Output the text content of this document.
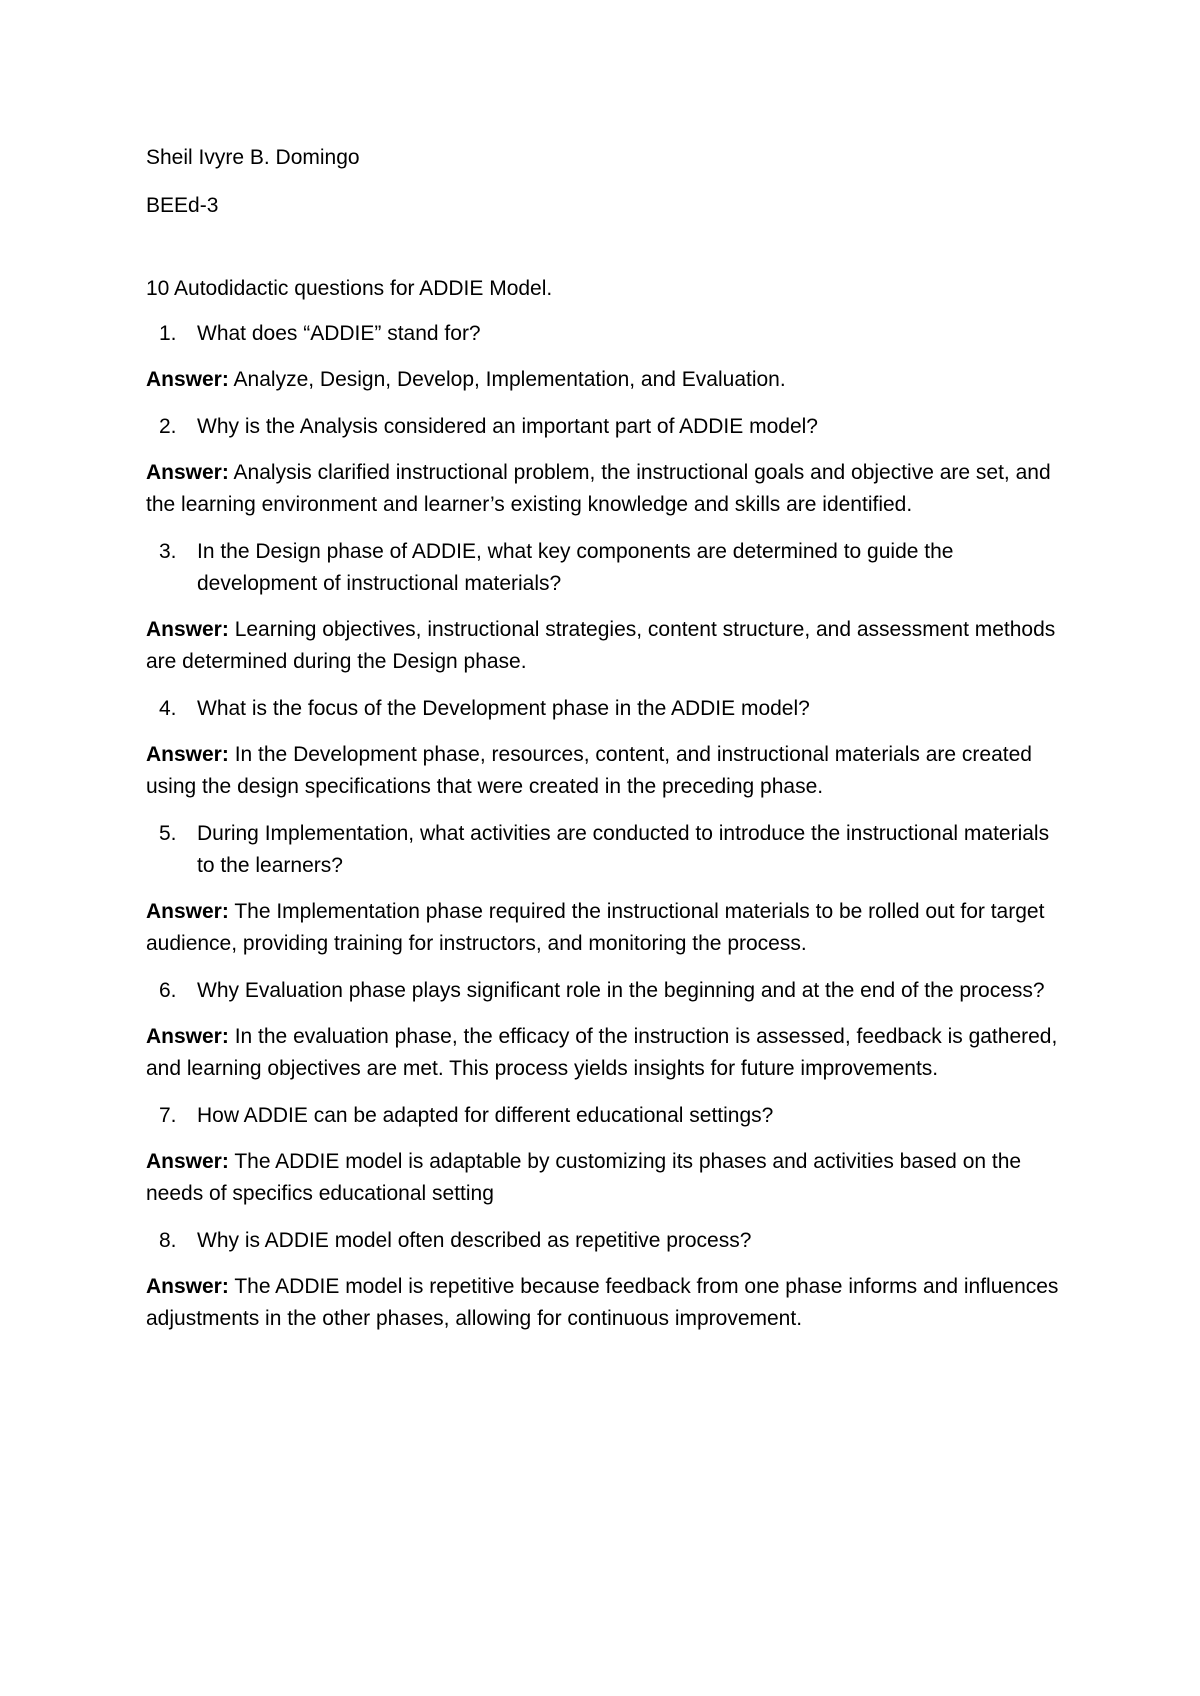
Sheil Ivyre B. Domingo
BEEd-3
10 Autodidactic questions for ADDIE Model.
1. What does “ADDIE” stand for?
Answer: Analyze, Design, Develop, Implementation, and Evaluation.
2. Why is the Analysis considered an important part of ADDIE model?
Answer: Analysis clarified instructional problem, the instructional goals and objective are set, and the learning environment and learner’s existing knowledge and skills are identified.
3. In the Design phase of ADDIE, what key components are determined to guide the development of instructional materials?
Answer: Learning objectives, instructional strategies, content structure, and assessment methods are determined during the Design phase.
4. What is the focus of the Development phase in the ADDIE model?
Answer: In the Development phase, resources, content, and instructional materials are created using the design specifications that were created in the preceding phase.
5. During Implementation, what activities are conducted to introduce the instructional materials to the learners?
Answer: The Implementation phase required the instructional materials to be rolled out for target audience, providing training for instructors, and monitoring the process.
6. Why Evaluation phase plays significant role in the beginning and at the end of the process?
Answer: In the evaluation phase, the efficacy of the instruction is assessed, feedback is gathered, and learning objectives are met. This process yields insights for future improvements.
7. How ADDIE can be adapted for different educational settings?
Answer: The ADDIE model is adaptable by customizing its phases and activities based on the needs of specifics educational setting
8. Why is ADDIE model often described as repetitive process?
Answer: The ADDIE model is repetitive because feedback from one phase informs and influences adjustments in the other phases, allowing for continuous improvement.
